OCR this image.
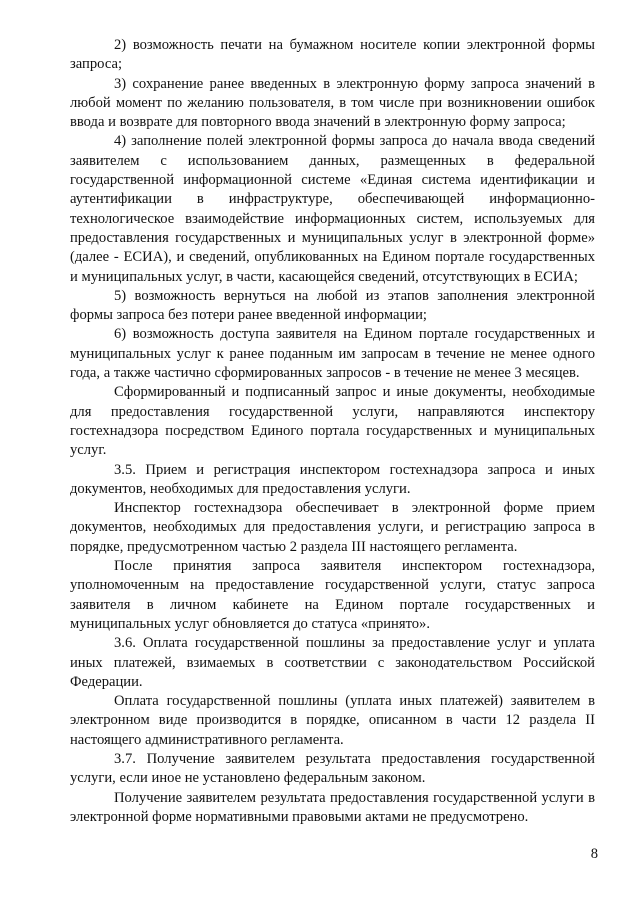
2) возможность печати на бумажном носителе копии электронной формы запроса;

3) сохранение ранее введенных в электронную форму запроса значений в любой момент по желанию пользователя, в том числе при возникновении ошибок ввода и возврате для повторного ввода значений в электронную форму запроса;

4) заполнение полей электронной формы запроса до начала ввода сведений заявителем с использованием данных, размещенных в федеральной государственной информационной системе «Единая система идентификации и аутентификации в инфраструктуре, обеспечивающей информационно-технологическое взаимодействие информационных систем, используемых для предоставления государственных и муниципальных услуг в электронной форме» (далее - ЕСИА), и сведений, опубликованных на Едином портале государственных и муниципальных услуг, в части, касающейся сведений, отсутствующих в ЕСИА;

5) возможность вернуться на любой из этапов заполнения электронной формы запроса без потери ранее введенной информации;

6) возможность доступа заявителя на Едином портале государственных и муниципальных услуг к ранее поданным им запросам в течение не менее одного года, а также частично сформированных запросов - в течение не менее 3 месяцев.

Сформированный и подписанный запрос и иные документы, необходимые для предоставления государственной услуги, направляются инспектору гостехнадзора посредством Единого портала государственных и муниципальных услуг.

3.5. Прием и регистрация инспектором гостехнадзора запроса и иных документов, необходимых для предоставления услуги.

Инспектор гостехнадзора обеспечивает в электронной форме прием документов, необходимых для предоставления услуги, и регистрацию запроса в порядке, предусмотренном частью 2 раздела III настоящего регламента.

После принятия запроса заявителя инспектором гостехнадзора, уполномоченным на предоставление государственной услуги, статус запроса заявителя в личном кабинете на Едином портале государственных и муниципальных услуг обновляется до статуса «принято».

3.6. Оплата государственной пошлины за предоставление услуг и уплата иных платежей, взимаемых в соответствии с законодательством Российской Федерации.

Оплата государственной пошлины (уплата иных платежей) заявителем в электронном виде производится в порядке, описанном в части 12 раздела II настоящего административного регламента.

3.7. Получение заявителем результата предоставления государственной услуги, если иное не установлено федеральным законом.

Получение заявителем результата предоставления государственной услуги в электронной форме нормативными правовыми актами не предусмотрено.

8
